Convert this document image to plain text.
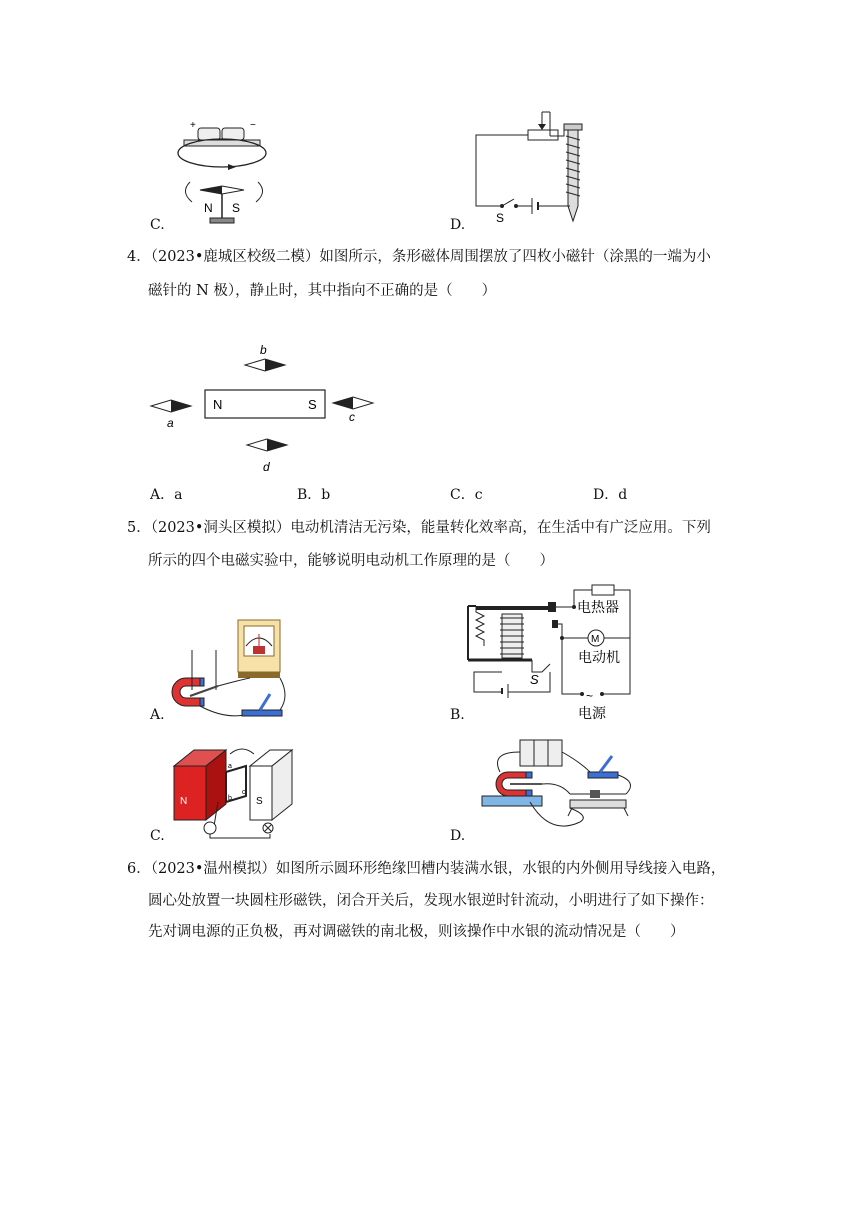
+	−
N S
C.	S
D.
4．（2023•鹿城区校级二模）如图所示，条形磁体周围摆放了四枚小磁针（涂黑的一端为小
磁针的 N 极），静止时，其中指向不正确的是（　　）
N	S
b
a	c
d
A．a	B．b	C．c	D．d
5．（2023•洞头区模拟）电动机清洁无污染，能量转化效率高，在生活中有广泛应用。下列
所示的四个电磁实验中，能够说明电动机工作原理的是（　　）
A.
M
~
电热器
电动机
电源
S
B.
N	S
a
b
c
C.	D.
6．（2023•温州模拟）如图所示圆环形绝缘凹槽内装满水银，水银的内外侧用导线接入电路，
圆心处放置一块圆柱形磁铁，闭合开关后，发现水银逆时针流动，小明进行了如下操作：
先对调电源的正负极，再对调磁铁的南北极，则该操作中水银的流动情况是（　　）
